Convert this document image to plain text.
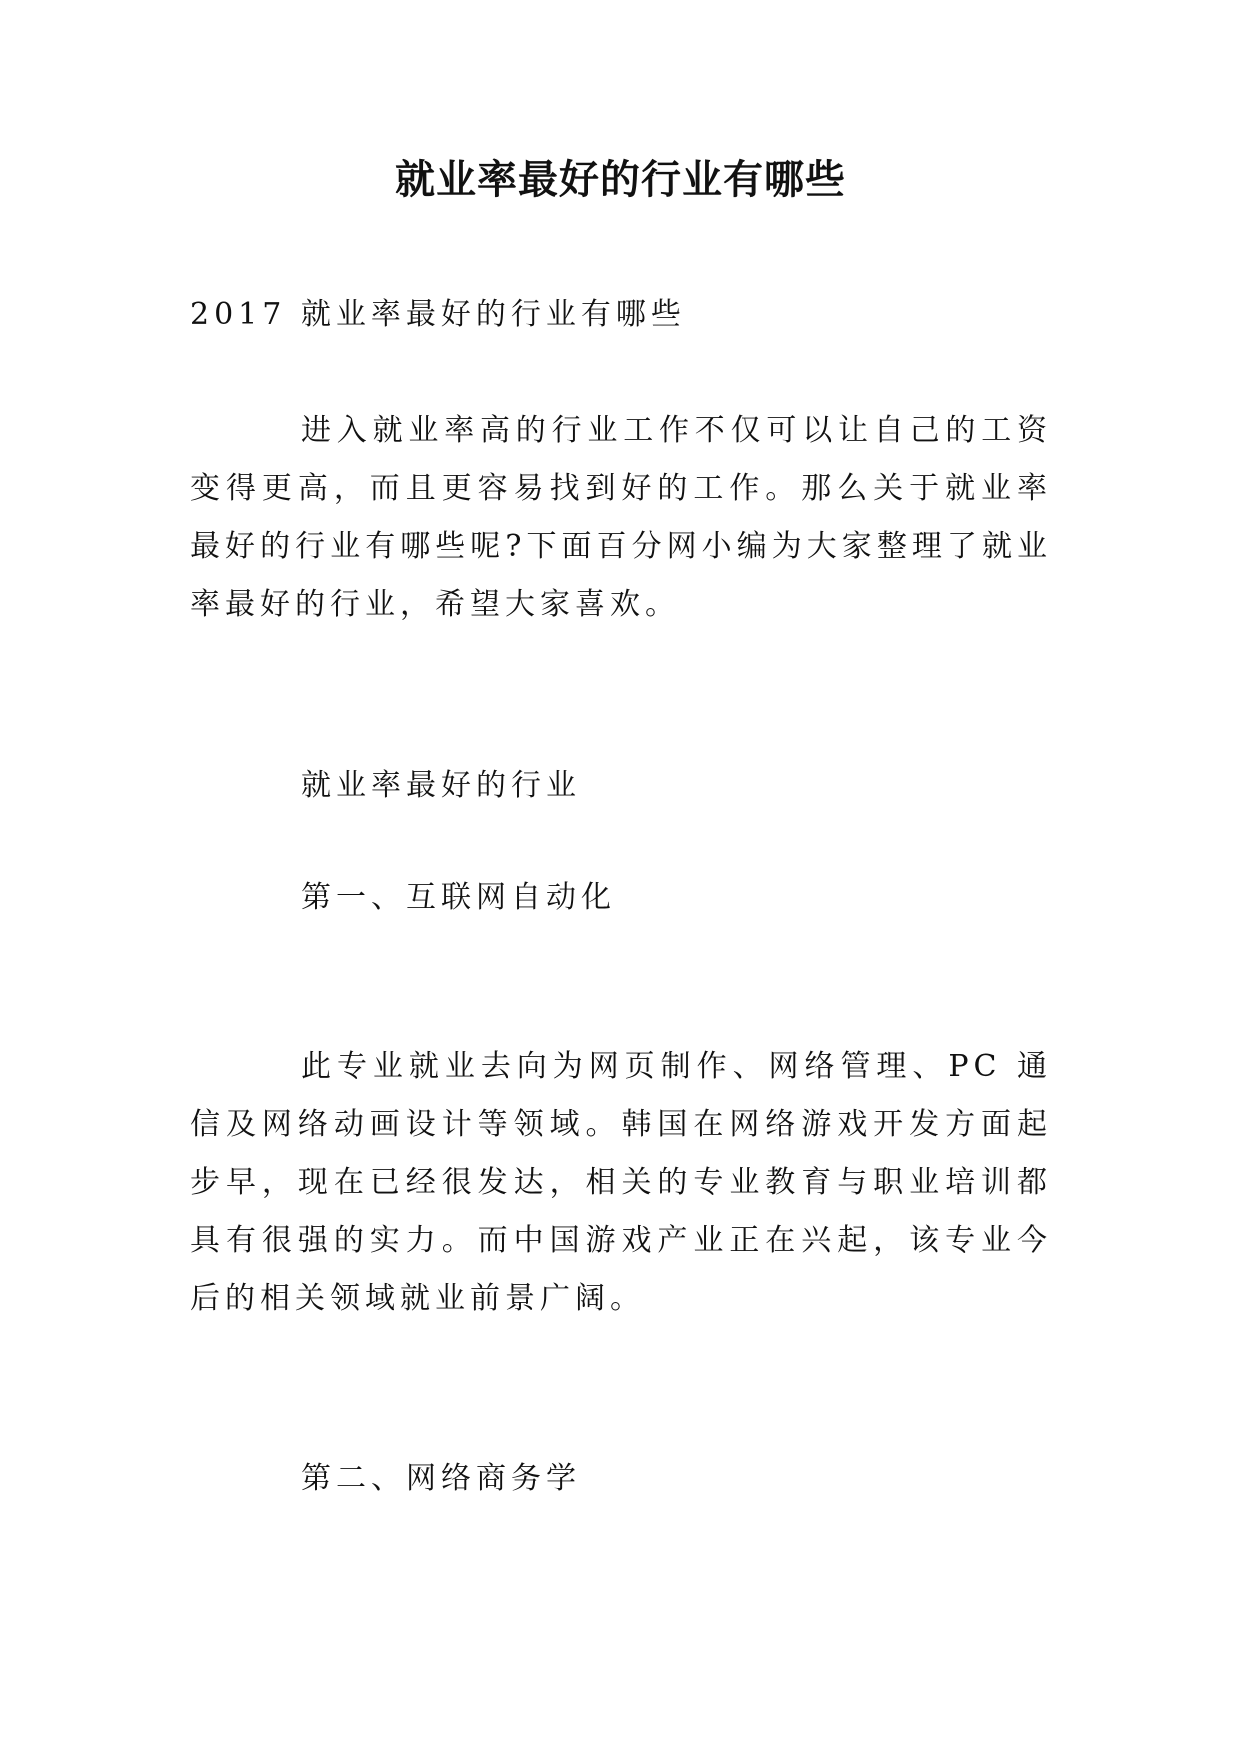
就业率最好的行业有哪些

2017 就业率最好的行业有哪些

进入就业率高的行业工作不仅可以让自己的工资变得更高，而且更容易找到好的工作。那么关于就业率最好的行业有哪些呢?下面百分网小编为大家整理了就业率最好的行业，希望大家喜欢。

就业率最好的行业

第一、互联网自动化

此专业就业去向为网页制作、网络管理、PC 通信及网络动画设计等领域。韩国在网络游戏开发方面起步早，现在已经很发达，相关的专业教育与职业培训都具有很强的实力。而中国游戏产业正在兴起，该专业今后的相关领域就业前景广阔。

第二、网络商务学
